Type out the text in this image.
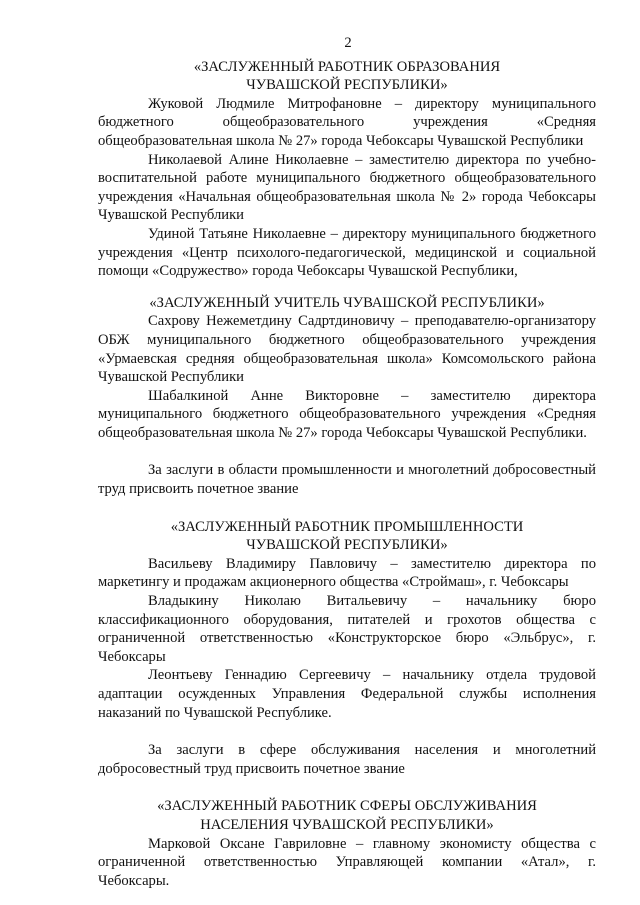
2

«ЗАСЛУЖЕННЫЙ РАБОТНИК ОБРАЗОВАНИЯ

ЧУВАШСКОЙ РЕСПУБЛИКИ»

Жуковой Людмиле Митрофановне – директору муниципального бюджетного общеобразовательного учреждения «Средняя общеобразовательная школа № 27» города Чебоксары Чувашской Республики

Николаевой Алине Николаевне – заместителю директора по учебно-воспитательной работе муниципального бюджетного общеобразовательного учреждения «Начальная общеобразовательная школа № 2» города Чебоксары Чувашской Республики

Удиной Татьяне Николаевне – директору муниципального бюджетного учреждения «Центр психолого-педагогической, медицинской и социальной помощи «Содружество» города Чебоксары Чувашской Республики,

«ЗАСЛУЖЕННЫЙ УЧИТЕЛЬ ЧУВАШСКОЙ РЕСПУБЛИКИ»

Сахрову Нежеметдину Садртдиновичу – преподавателю-организатору ОБЖ муниципального бюджетного общеобразовательного учреждения «Урмаевская средняя общеобразовательная школа» Комсомольского района Чувашской Республики

Шабалкиной Анне Викторовне – заместителю директора муниципального бюджетного общеобразовательного учреждения «Средняя общеобразовательная школа № 27» города Чебоксары Чувашской Республики.

За заслуги в области промышленности и многолетний добросовестный труд присвоить почетное звание

«ЗАСЛУЖЕННЫЙ РАБОТНИК ПРОМЫШЛЕННОСТИ

ЧУВАШСКОЙ РЕСПУБЛИКИ»

Васильеву Владимиру Павловичу – заместителю директора по маркетингу и продажам акционерного общества «Строймаш», г. Чебоксары

Владыкину Николаю Витальевичу – начальнику бюро классификационного оборудования, питателей и грохотов общества с ограниченной ответственностью «Конструкторское бюро «Эльбрус», г. Чебоксары

Леонтьеву Геннадию Сергеевичу – начальнику отдела трудовой адаптации осужденных Управления Федеральной службы исполнения наказаний по Чувашской Республике.

За заслуги в сфере обслуживания населения и многолетний добросовестный труд присвоить почетное звание

«ЗАСЛУЖЕННЫЙ РАБОТНИК СФЕРЫ ОБСЛУЖИВАНИЯ

НАСЕЛЕНИЯ ЧУВАШСКОЙ РЕСПУБЛИКИ»

Марковой Оксане Гавриловне – главному экономисту общества с ограниченной ответственностью Управляющей компании «Атал», г. Чебоксары.
